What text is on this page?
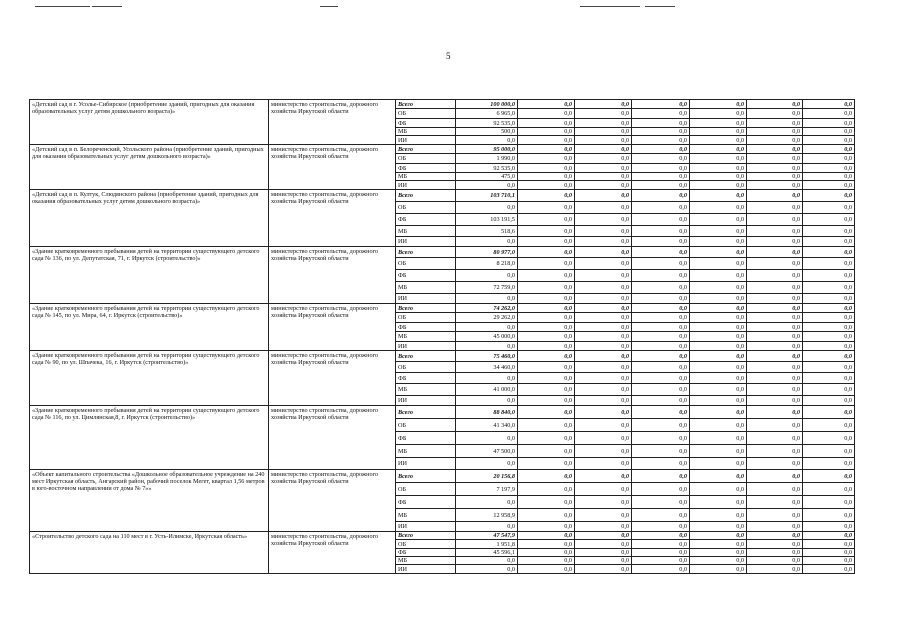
5
«Детский сад в г. Усолье-Сибирское (приобретение зданий, пригодных для оказания образовательных услуг детям дошкольного возраста)»	министерство строительства, дорожного хозяйства Иркутской области	Всего	100 000,0	0,0	0,0	0,0	0,0	0,0	0,0
		ОБ	6 965,0	0,0	0,0	0,0	0,0	0,0	0,0
		ФБ	92 535,0	0,0	0,0	0,0	0,0	0,0	0,0
		МБ	500,0	0,0	0,0	0,0	0,0	0,0	0,0
		ИИ	0,0	0,0	0,0	0,0	0,0	0,0	0,0
«Детский сад в п. Белореченский, Усольского района (приобретение зданий, пригодных для оказания образовательных услуг детям дошкольного возраста)»	министерство строительства, дорожного хозяйства Иркутской области	Всего	95 000,0	0,0	0,0	0,0	0,0	0,0	0,0
		ОБ	1 990,0	0,0	0,0	0,0	0,0	0,0	0,0
		ФБ	92 535,0	0,0	0,0	0,0	0,0	0,0	0,0
		МБ	475,0	0,0	0,0	0,0	0,0	0,0	0,0
		ИИ	0,0	0,0	0,0	0,0	0,0	0,0	0,0
«Детский сад в п. Култук, Слюдянского района (приобретение зданий, пригодных для оказания образовательных услуг детям дошкольного возраста)»	министерство строительства, дорожного хозяйства Иркутской области	Всего	103 710,1	0,0	0,0	0,0	0,0	0,0	0,0
		ОБ	0,0	0,0	0,0	0,0	0,0	0,0	0,0
		ФБ	103 191,5	0,0	0,0	0,0	0,0	0,0	0,0
		МБ	518,6	0,0	0,0	0,0	0,0	0,0	0,0
		ИИ	0,0	0,0	0,0	0,0	0,0	0,0	0,0
«Здание кратковременного пребывания детей на территории существующего детского сада № 136, по ул. Депутатская, 71, г. Иркутск (строительство)»	министерство строительства, дорожного хозяйства Иркутской области	Всего	80 977,0	0,0	0,0	0,0	0,0	0,0	0,0
		ОБ	8 218,0	0,0	0,0	0,0	0,0	0,0	0,0
		ФБ	0,0	0,0	0,0	0,0	0,0	0,0	0,0
		МБ	72 759,0	0,0	0,0	0,0	0,0	0,0	0,0
		ИИ	0,0	0,0	0,0	0,0	0,0	0,0	0,0
«Здание кратковременного пребывания детей на территории существующего детского сада № 145, по ул. Мира, 64, г. Иркутск (строительство)»	министерство строительства, дорожного хозяйства Иркутской области	Всего	74 262,0	0,0	0,0	0,0	0,0	0,0	0,0
		ОБ	29 262,0	0,0	0,0	0,0	0,0	0,0	0,0
		ФБ	0,0	0,0	0,0	0,0	0,0	0,0	0,0
		МБ	45 000,0	0,0	0,0	0,0	0,0	0,0	0,0
		ИИ	0,0	0,0	0,0	0,0	0,0	0,0	0,0
«Здание кратковременного пребывания детей на территории существующего детского сада № 90, по ул. Шпачека, 16, г. Иркутск (строительство)»	министерство строительства, дорожного хозяйства Иркутской области	Всего	75 460,0	0,0	0,0	0,0	0,0	0,0	0,0
		ОБ	34 460,0	0,0	0,0	0,0	0,0	0,0	0,0
		ФБ	0,0	0,0	0,0	0,0	0,0	0,0	0,0
		МБ	41 000,0	0,0	0,0	0,0	0,0	0,0	0,0
		ИИ	0,0	0,0	0,0	0,0	0,0	0,0	0,0
«Здание кратковременного пребывания детей на территории существующего детского сада № 116, по ул. Цимлянская,8, г. Иркутск (строительство)»	министерство строительства, дорожного хозяйства Иркутской области	Всего	88 840,0	0,0	0,0	0,0	0,0	0,0	0,0
		ОБ	41 340,0	0,0	0,0	0,0	0,0	0,0	0,0
		ФБ	0,0	0,0	0,0	0,0	0,0	0,0	0,0
		МБ	47 500,0	0,0	0,0	0,0	0,0	0,0	0,0
		ИИ	0,0	0,0	0,0	0,0	0,0	0,0	0,0
«Объект капитального строительства «Дошкольное образовательное учреждение на 240 мест Иркутская область, Ангарский район, рабочий поселок Мегет, квартал 1,56 метров в юго-восточном направлении от дома № 7»»	министерство строительства, дорожного хозяйства Иркутской области	Всего	20 156,8	0,0	0,0	0,0	0,0	0,0	0,0
		ОБ	7 197,9	0,0	0,0	0,0	0,0	0,0	0,0
		ФБ	0,0	0,0	0,0	0,0	0,0	0,0	0,0
		МБ	12 958,9	0,0	0,0	0,0	0,0	0,0	0,0
		ИИ	0,0	0,0	0,0	0,0	0,0	0,0	0,0
«Строительство детского сада на 110 мест в г. Усть-Илимске, Иркутская область»	министерство строительства, дорожного хозяйства Иркутской области	Всего	47 547,9	0,0	0,0	0,0	0,0	0,0	0,0
		ОБ	1 951,8	0,0	0,0	0,0	0,0	0,0	0,0
		ФБ	45 596,1	0,0	0,0	0,0	0,0	0,0	0,0
		МБ	0,0	0,0	0,0	0,0	0,0	0,0	0,0
		ИИ	0,0	0,0	0,0	0,0	0,0	0,0	0,0
